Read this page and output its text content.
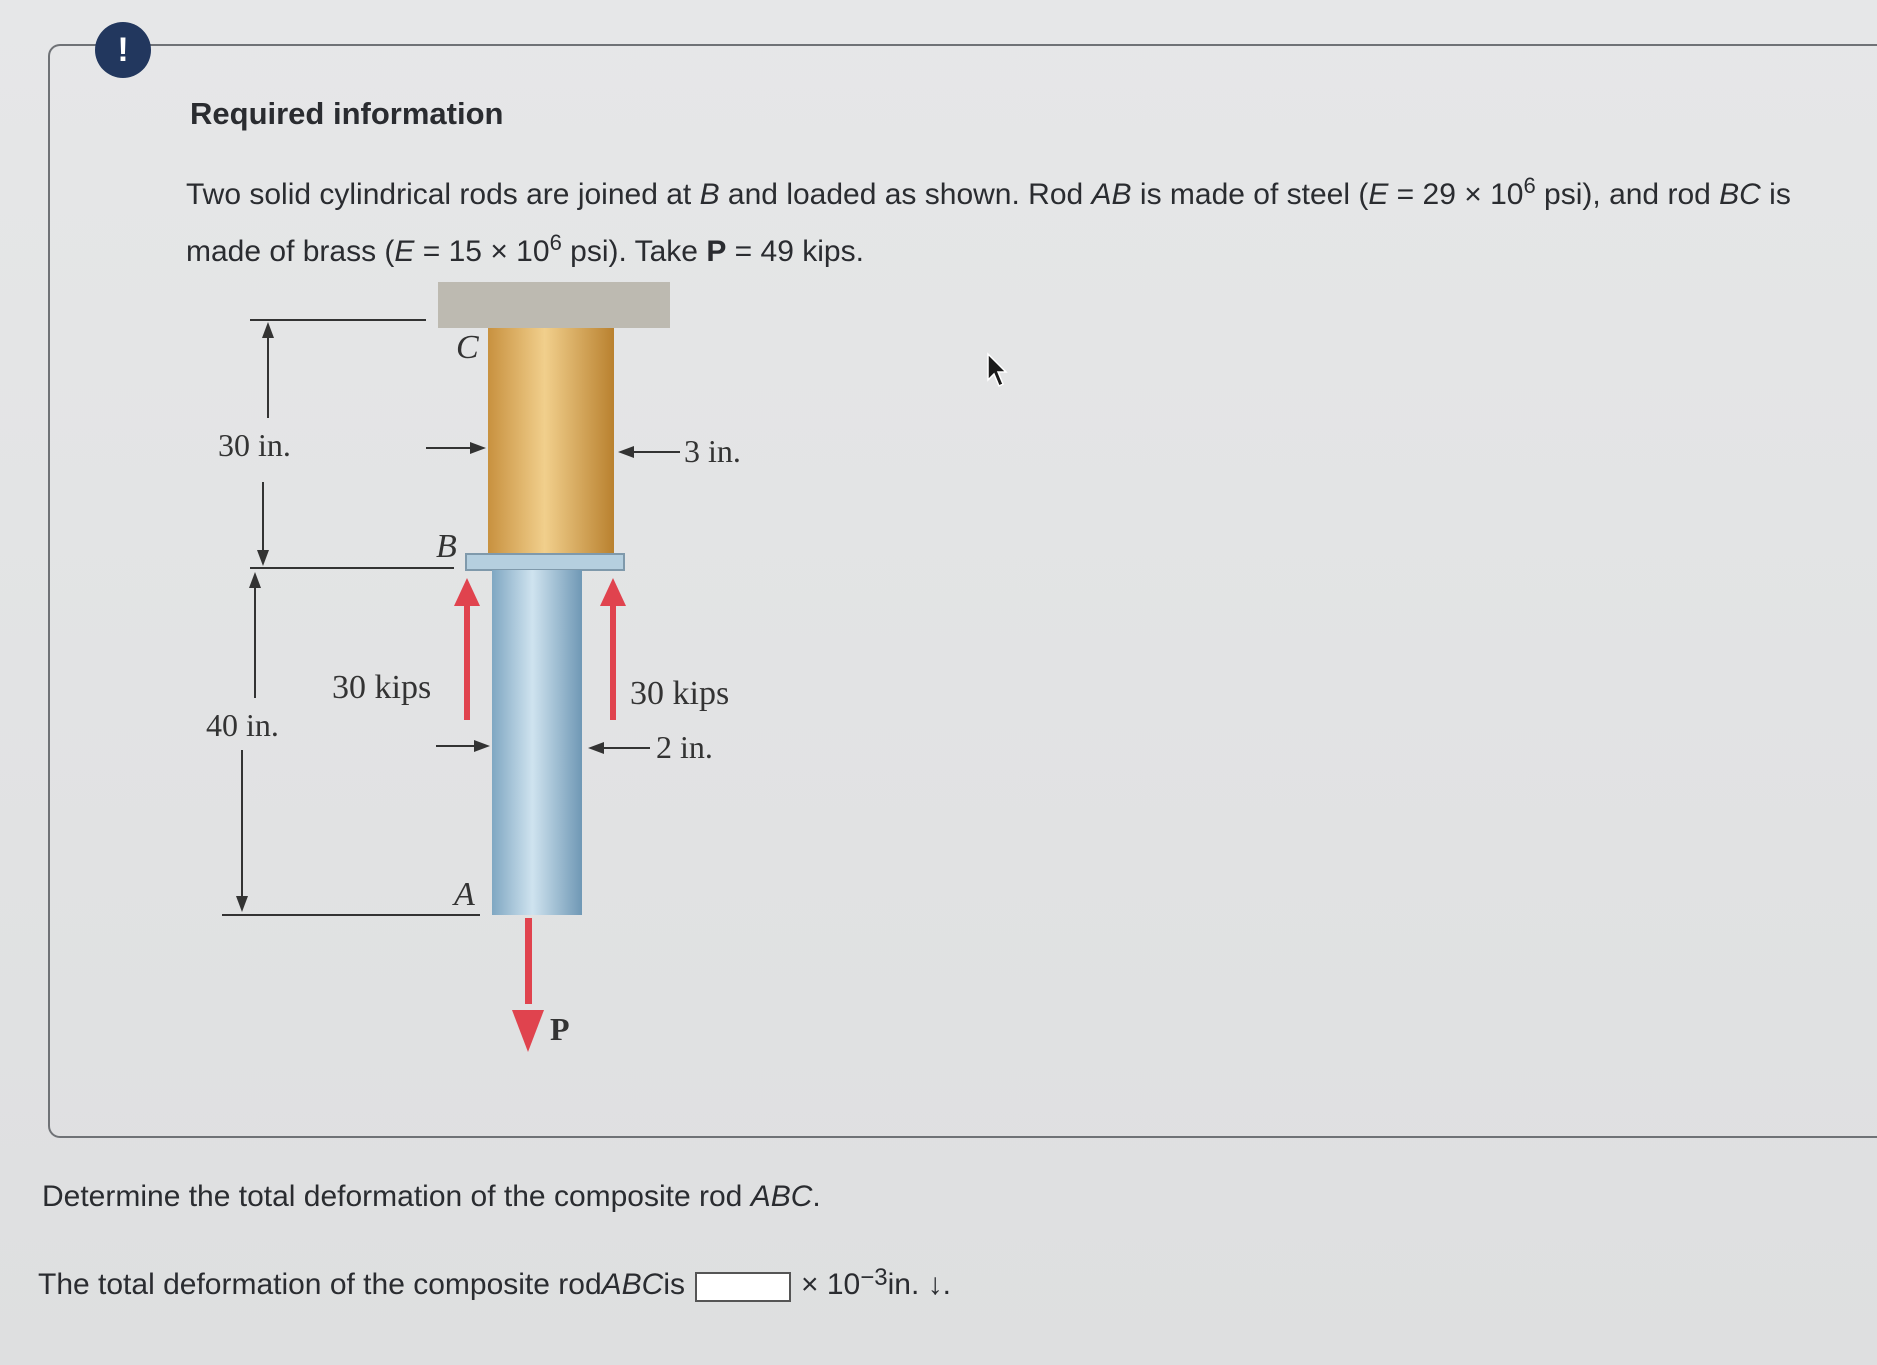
!
Required information
Two solid cylindrical rods are joined at B and loaded as shown. Rod AB is made of steel ($E = 29 \times 10^6$ psi), and rod BC is made of brass ($E = 15 \times 10^6$ psi). Take P = 49 kips.
30 in.
40 in.
C
B
A
3 in.
2 in.
30 kips	30 kips
P
Determine the total deformation of the composite rod ABC.
The total deformation of the composite rod ABC is	× $10^{-3}$ in. ↓.
